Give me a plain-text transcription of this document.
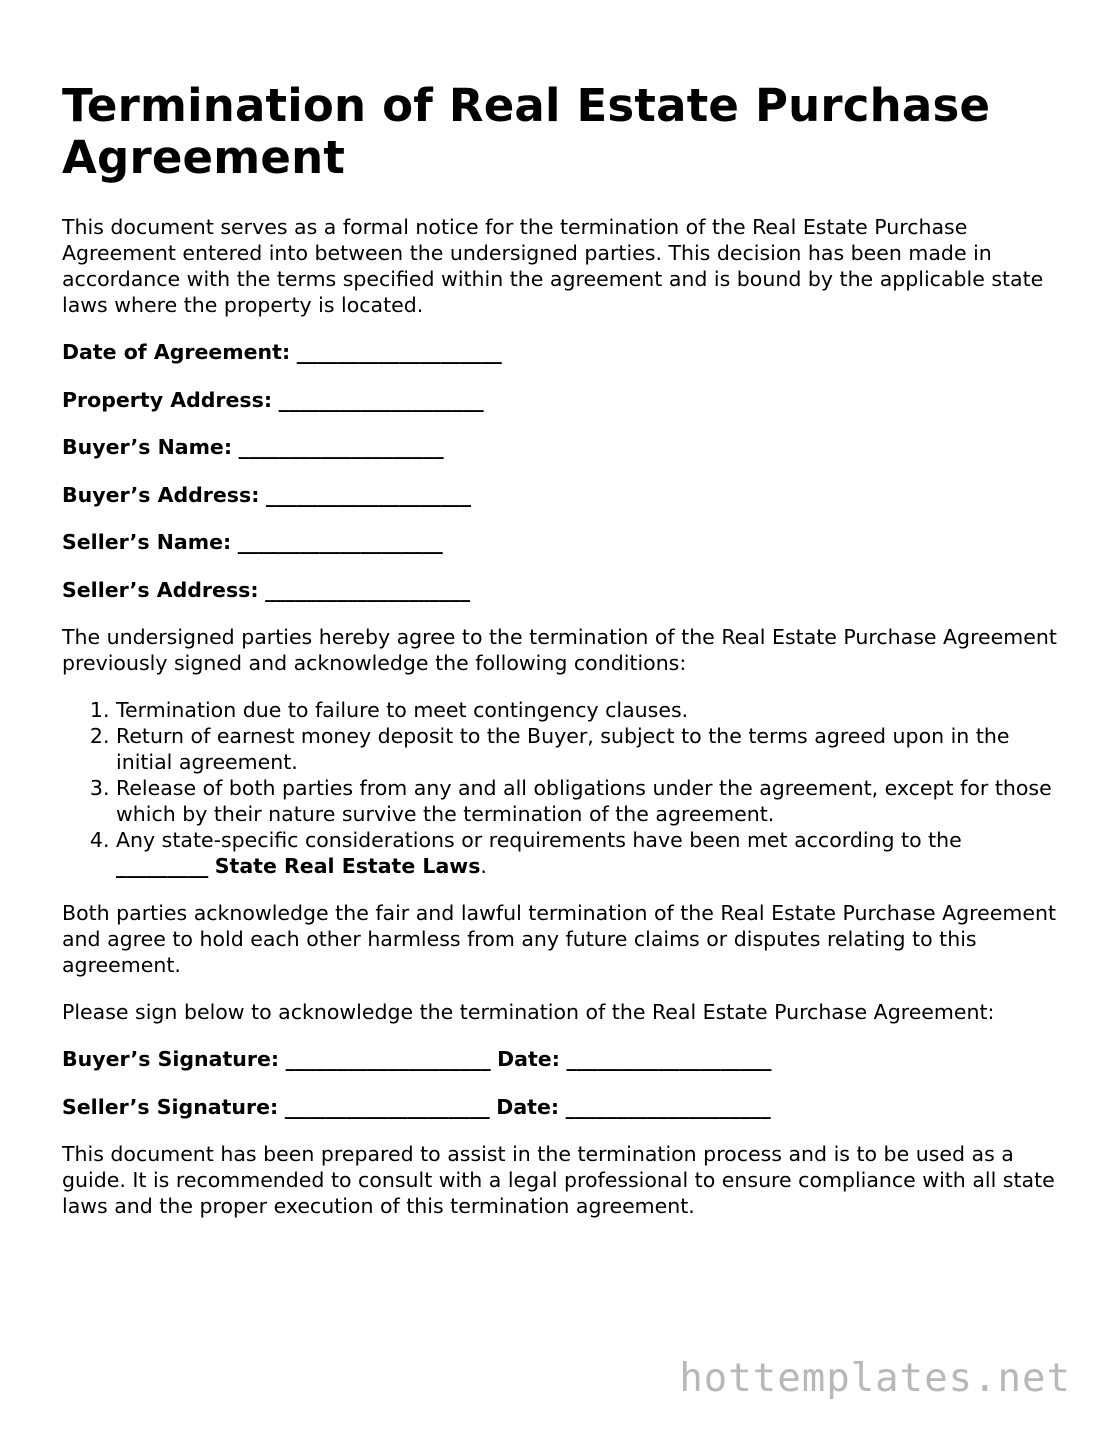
Termination of Real Estate Purchase Agreement

This document serves as a formal notice for the termination of the Real Estate Purchase Agreement entered into between the undersigned parties. This decision has been made in accordance with the terms specified within the agreement and is bound by the applicable state laws where the property is located.

Date of Agreement: ____________________
Property Address: ____________________
Buyer’s Name: ____________________
Buyer’s Address: ____________________
Seller’s Name: ____________________
Seller’s Address: ____________________

The undersigned parties hereby agree to the termination of the Real Estate Purchase Agreement previously signed and acknowledge the following conditions:

1. Termination due to failure to meet contingency clauses.
2. Return of earnest money deposit to the Buyer, subject to the terms agreed upon in the initial agreement.
3. Release of both parties from any and all obligations under the agreement, except for those which by their nature survive the termination of the agreement.
4. Any state-specific considerations or requirements have been met according to the
_________ State Real Estate Laws.

Both parties acknowledge the fair and lawful termination of the Real Estate Purchase Agreement and agree to hold each other harmless from any future claims or disputes relating to this agreement.

Please sign below to acknowledge the termination of the Real Estate Purchase Agreement:

Buyer’s Signature: ____________________ Date: ____________________
Seller’s Signature: ____________________ Date: ____________________

This document has been prepared to assist in the termination process and is to be used as a guide. It is recommended to consult with a legal professional to ensure compliance with all state laws and the proper execution of this termination agreement.

hottemplates.net
